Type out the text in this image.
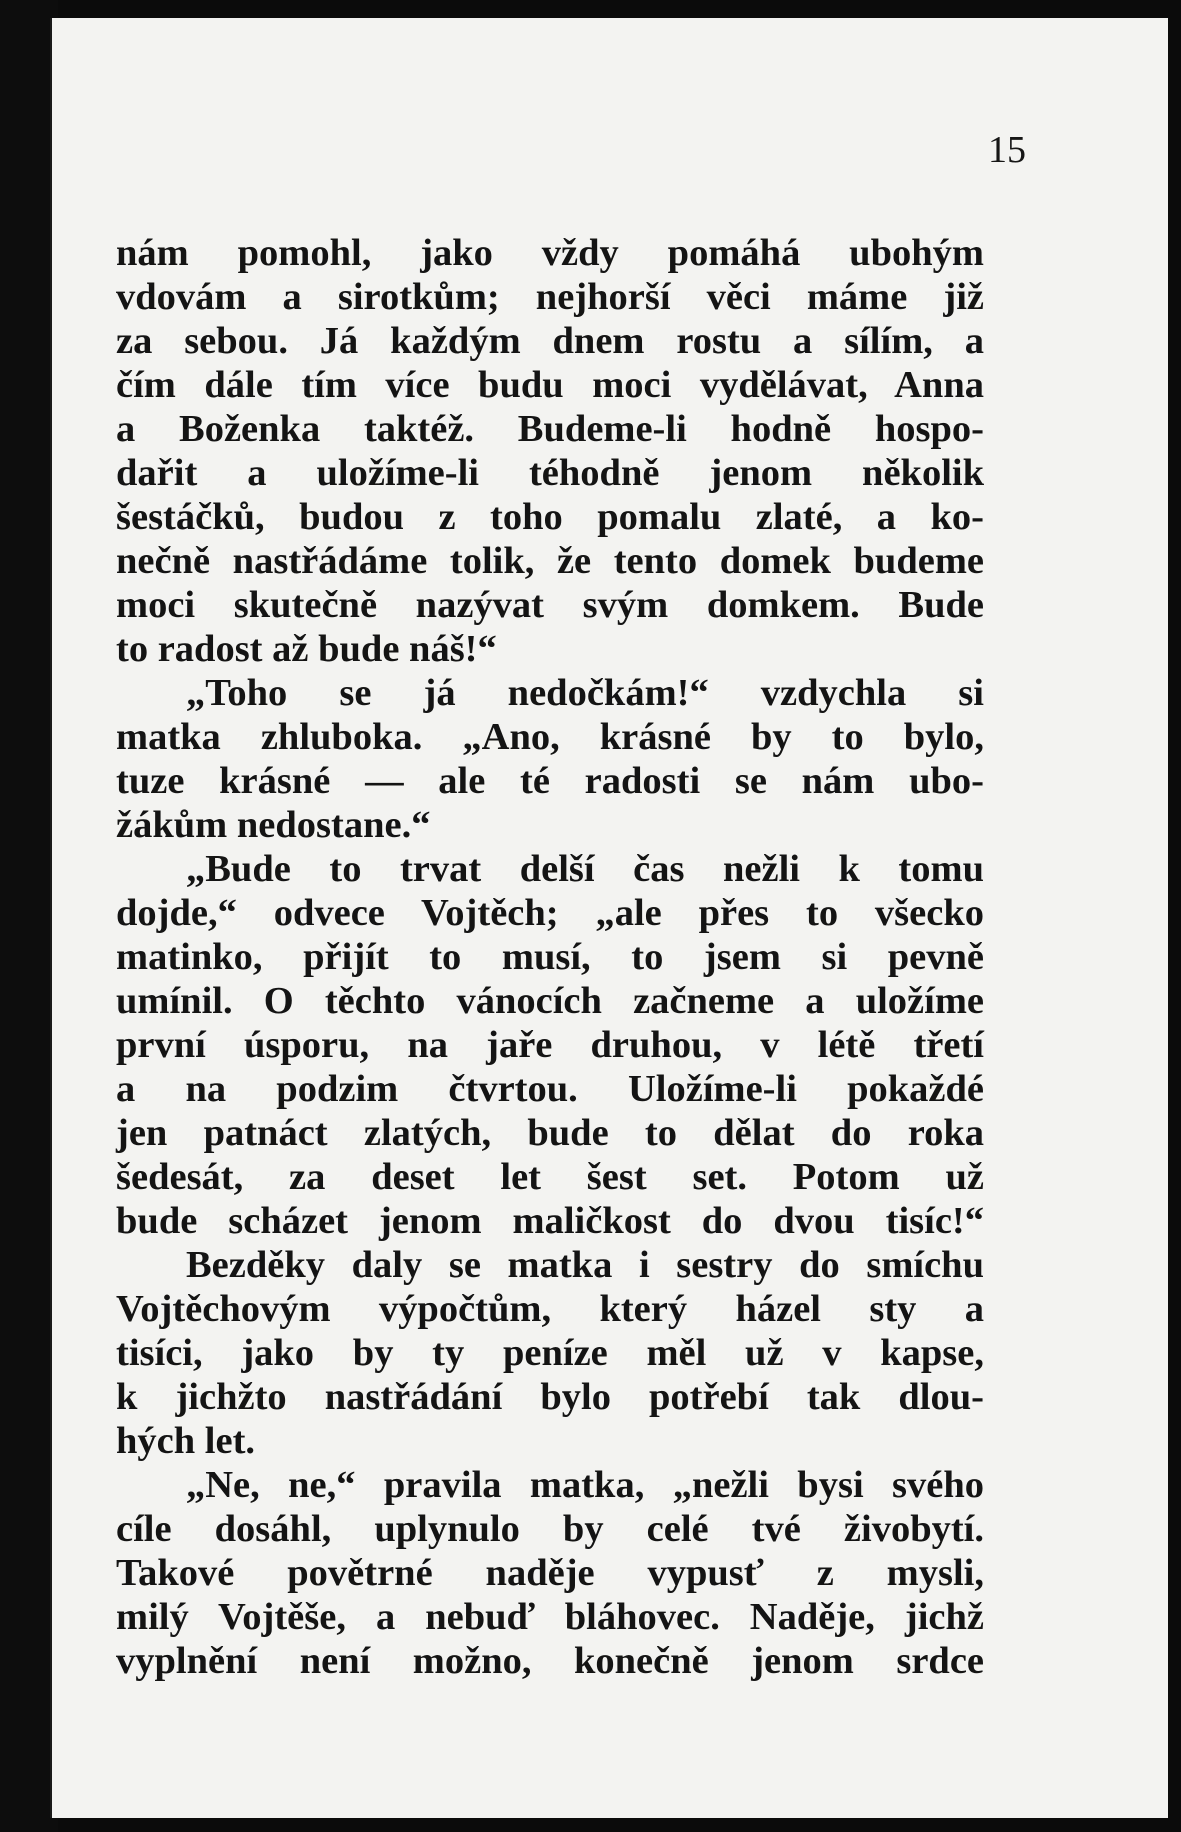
15

nám pomohl, jako vždy pomáhá ubohým
vdovám a sirotkům; nejhorší věci máme již
za sebou. Já každým dnem rostu a sílím, a
čím dále tím více budu moci vydělávat, Anna
a Boženka taktéž. Budeme-li hodně hospo-
dařit a uložíme-li téhodně jenom několik
šestáčků, budou z toho pomalu zlaté, a ko-
nečně nastřádáme tolik, že tento domek budeme
moci skutečně nazývat svým domkem. Bude
to radost až bude náš!“
„Toho se já nedočkám!“ vzdychla si
matka zhluboka. „Ano, krásné by to bylo,
tuze krásné — ale té radosti se nám ubo-
žákům nedostane.“
„Bude to trvat delší čas nežli k tomu
dojde,“ odvece Vojtěch; „ale přes to všecko
matinko, přijít to musí, to jsem si pevně
umínil. O těchto vánocích začneme a uložíme
první úsporu, na jaře druhou, v létě třetí
a na podzim čtvrtou. Uložíme-li pokaždé
jen patnáct zlatých, bude to dělat do roka
šedesát, za deset let šest set. Potom už
bude scházet jenom maličkost do dvou tisíc!“
Bezděky daly se matka i sestry do smíchu
Vojtěchovým výpočtům, který házel sty a
tisíci, jako by ty peníze měl už v kapse,
k jichžto nastřádání bylo potřebí tak dlou-
hých let.
„Ne, ne,“ pravila matka, „nežli bysi svého
cíle dosáhl, uplynulo by celé tvé živobytí.
Takové povětrné naděje vypusť z mysli,
milý Vojtěše, a nebuď bláhovec. Naděje, jichž
vyplnění není možno, konečně jenom srdce
